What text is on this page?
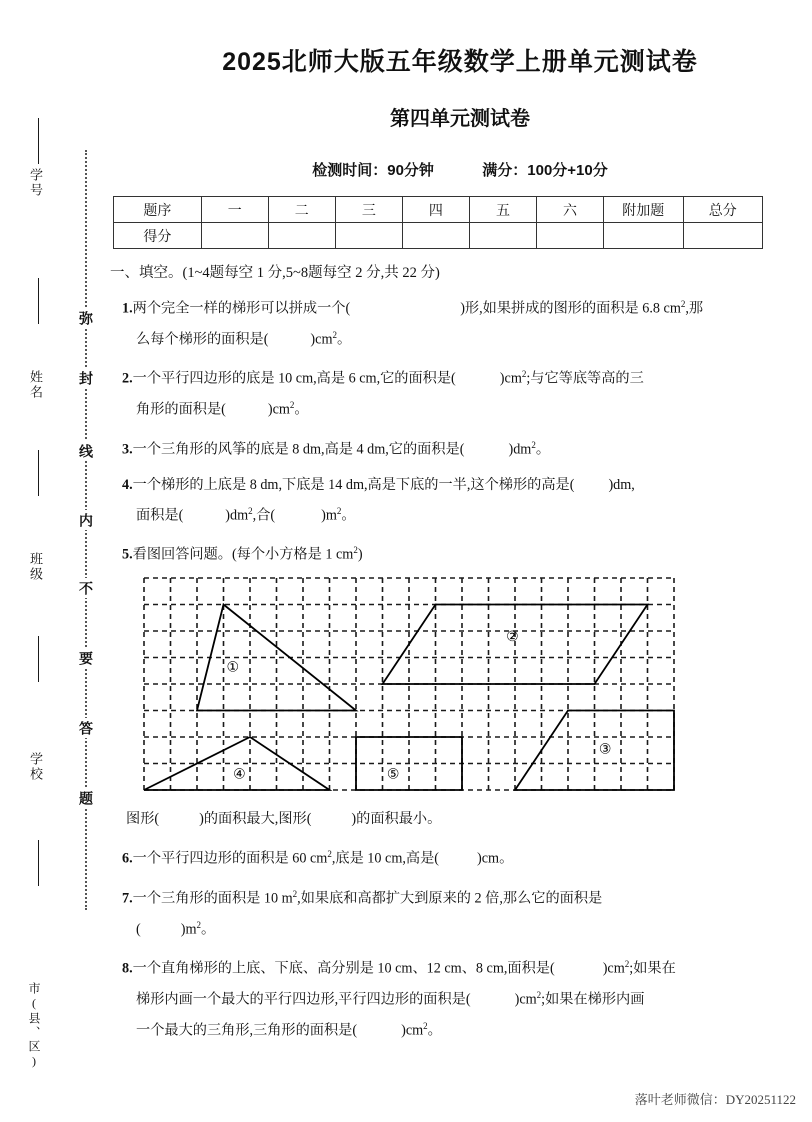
学号
姓名
班级
学校
市(县、区)
弥
封
线
内
不
要
答
题
2025北师大版五年级数学上册单元测试卷
第四单元测试卷
检测时间：90分钟	满分：100分+10分
题序	一	二	三	四	五	六	附加题	总分
得分								
一、填空。(1~4题每空 1 分,5~8题每空 2 分,共 22 分)
1.两个完全一样的梯形可以拼成一个(	)形,如果拼成的图形的面积是 6.8 $cm^2$,那
么每个梯形的面积是(	)$cm^2$。
2.一个平行四边形的底是 10 cm,高是 6 cm,它的面积是(	)$cm^2$;与它等底等高的三
角形的面积是(	)$cm^2$。
3.一个三角形的风筝的底是 8 dm,高是 4 dm,它的面积是(	)$dm^2$。
4.一个梯形的上底是 8 dm,下底是 14 dm,高是下底的一半,这个梯形的高是( )dm,
面积是(	)$dm^2$,合(	)$m^2$。
5.看图回答问题。(每个小方格是 1 $cm^2$)
①
②
③
④	⑤
图形(	)的面积最大,图形(	)的面积最小。
6.一个平行四边形的面积是 60 $cm^2$,底是 10 cm,高是(	)cm。
7.一个三角形的面积是 10 $m^2$,如果底和高都扩大到原来的 2 倍,那么它的面积是
(	)$m^2$。
8.一个直角梯形的上底、下底、高分别是 10 cm、12 cm、8 cm,面积是(	)$cm^2$;如果在
梯形内画一个最大的平行四边形,平行四边形的面积是(	)$cm^2$;如果在梯形内画
一个最大的三角形,三角形的面积是(	)$cm^2$。
落叶老师微信：DY20251122
